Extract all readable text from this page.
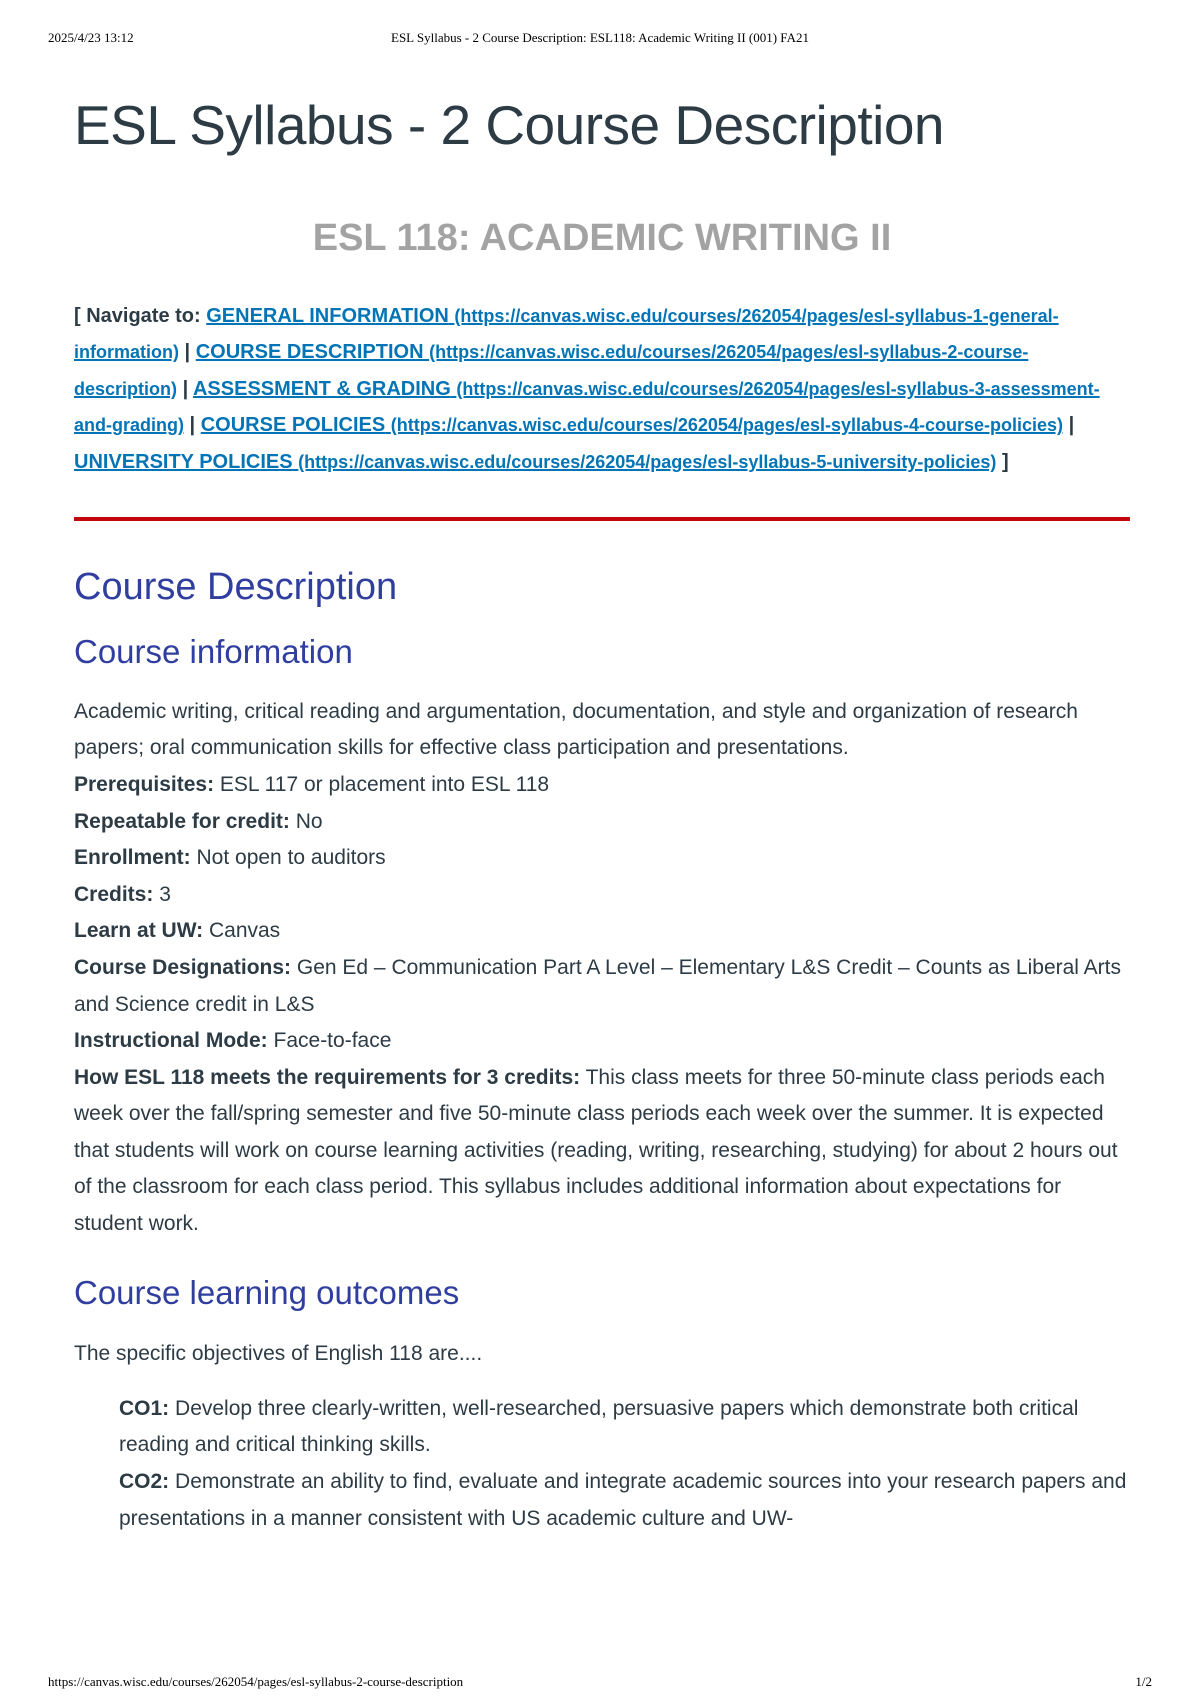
2025/4/23 13:12	ESL Syllabus - 2 Course Description: ESL118: Academic Writing II (001) FA21
ESL Syllabus - 2 Course Description
ESL 118: ACADEMIC WRITING II

[ Navigate to: GENERAL INFORMATION (https://canvas.wisc.edu/courses/262054/pages/esl-syllabus-1-general-information) | COURSE DESCRIPTION (https://canvas.wisc.edu/courses/262054/pages/esl-syllabus-2-course-description) | ASSESSMENT & GRADING (https://canvas.wisc.edu/courses/262054/pages/esl-syllabus-3-assessment-and-grading) | COURSE POLICIES (https://canvas.wisc.edu/courses/262054/pages/esl-syllabus-4-course-policies) | UNIVERSITY POLICIES (https://canvas.wisc.edu/courses/262054/pages/esl-syllabus-5-university-policies) ]

Course Description
Course information

Academic writing, critical reading and argumentation, documentation, and style and organization of research papers; oral communication skills for effective class participation and presentations.
Prerequisites: ESL 117 or placement into ESL 118
Repeatable for credit: No
Enrollment: Not open to auditors
Credits: 3
Learn at UW: Canvas
Course Designations: Gen Ed – Communication Part A Level – Elementary L&S Credit – Counts as Liberal Arts and Science credit in L&S
Instructional Mode: Face-to-face
How ESL 118 meets the requirements for 3 credits: This class meets for three 50-minute class periods each week over the fall/spring semester and five 50-minute class periods each week over the summer. It is expected that students will work on course learning activities (reading, writing, researching, studying) for about 2 hours out of the classroom for each class period. This syllabus includes additional information about expectations for student work.

Course learning outcomes

The specific objectives of English 118 are....

CO1: Develop three clearly-written, well-researched, persuasive papers which demonstrate both critical reading and critical thinking skills.
CO2: Demonstrate an ability to find, evaluate and integrate academic sources into your research papers and presentations in a manner consistent with US academic culture and UW-

https://canvas.wisc.edu/courses/262054/pages/esl-syllabus-2-course-description	1/2
